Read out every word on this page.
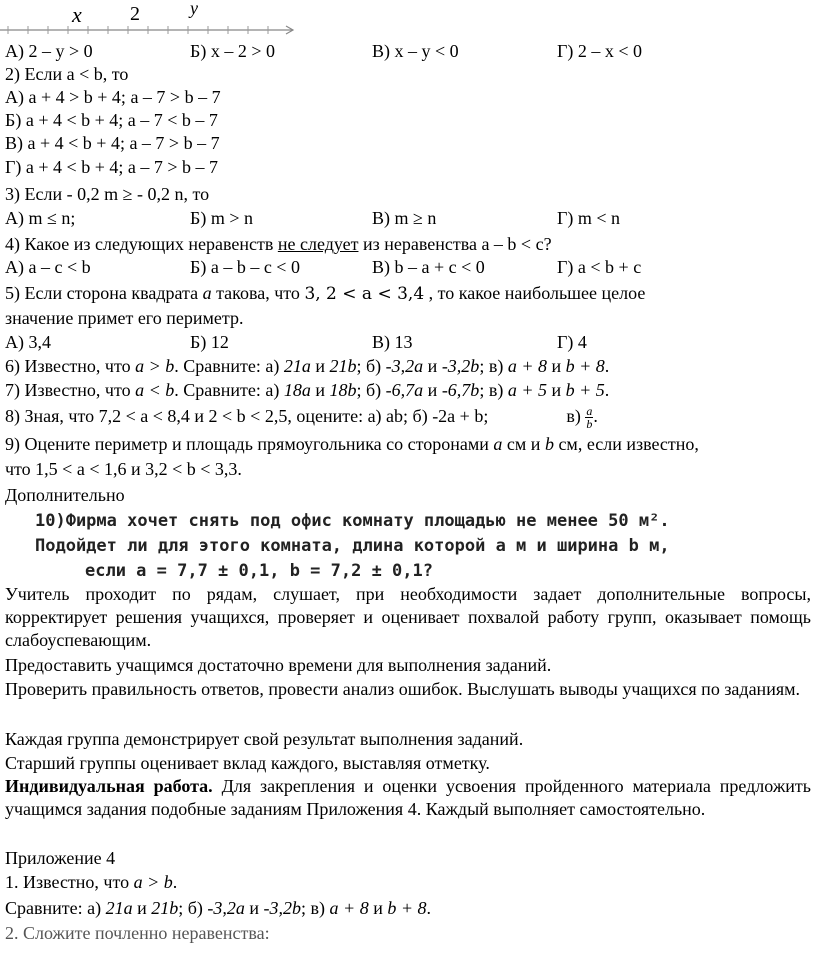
x 2	y
А) 2 – y > 0	Б) x – 2 > 0	В) x – y < 0	Г) 2 – x < 0
2) Если a < b, то
А) a + 4 > b + 4; a – 7 > b – 7
Б) a + 4 < b + 4; a – 7 < b – 7
В) a + 4 < b + 4; a – 7 > b – 7
Г) a + 4 < b + 4; a – 7 > b – 7
3) Если - 0,2 m ≥ - 0,2 n, то
А) m ≤ n;	Б) m > n	В) m ≥ n	Г) m < n
4) Какое из следующих неравенств не следует из неравенства a – b < c?
А) a – c < b	Б) a – b – c < 0	В) b – a + c < 0	Г) a < b + c
5) Если сторона квадрата a такова, что 3, 2 < a < 3,4 , то какое наибольшее целое
значение примет его периметр.
А) 3,4	Б) 12	В) 13	Г) 4
6) Известно, что a > b. Сравните: а) 21a и 21b; б) -3,2a и -3,2b; в) a + 8 и b + 8.
7) Известно, что a < b. Сравните: а) 18a и 18b; б) -6,7a и -6,7b; в) a + 5 и b + 5.
8) Зная, что 7,2 < a < 8,4 и 2 < b < 2,5, оцените: а) ab; б) -2a + b;	$в) \frac{a}{b}$ .
9) Оцените периметр и площадь прямоугольника со сторонами a см и b см, если известно,
что 1,5 < a < 1,6 и 3,2 < b < 3,3.
Дополнительно
10)Фирма хочет снять под офис комнату площадью не менее 50 м².
Подойдет ли для этого комната, длина которой a м и ширина b м,
если a = 7,7 ± 0,1, b = 7,2 ± 0,1?
Учитель проходит по рядам, слушает, при необходимости задает дополнительные вопросы, корректирует решения учащихся, проверяет и оценивает похвалой работу групп, оказывает помощь слабоуспевающим.
Предоставить учащимся достаточно времени для выполнения заданий.
Проверить правильность ответов, провести анализ ошибок. Выслушать выводы учащихся по заданиям.
Каждая группа демонстрирует свой результат выполнения заданий.
Старший группы оценивает вклад каждого, выставляя отметку.
Индивидуальная работа. Для закрепления и оценки усвоения пройденного материала предложить учащимся задания подобные заданиям Приложения 4. Каждый выполняет самостоятельно.
Приложение 4
1. Известно, что a > b.
Сравните: а) 21a и 21b; б) -3,2a и -3,2b; в) a + 8 и b + 8.
2. Сложите почленно неравенства:
